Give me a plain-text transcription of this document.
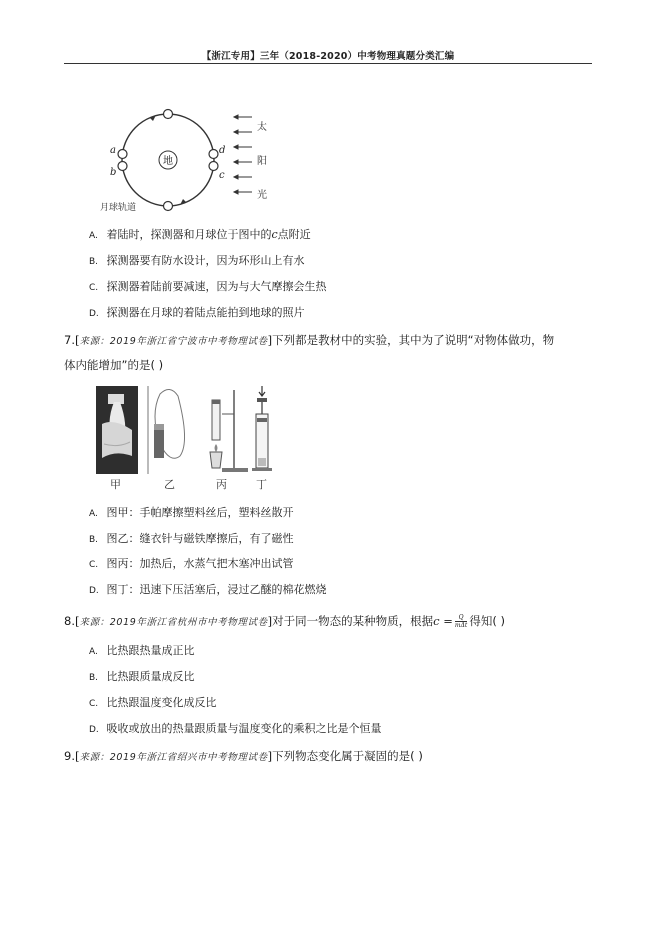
【浙江专用】三年（2018-2020）中考物理真题分类汇编
地
a
b
d
c
月球轨道
太
阳
光
A. 着陆时，探测器和月球位于图中的c点附近
B. 探测器要有防水设计，因为环形山上有水
C. 探测器着陆前要减速，因为与大气摩擦会生热
D. 探测器在月球的着陆点能拍到地球的照片
7.[来源：2019年浙江省宁波市中考物理试卷]下列都是教材中的实验，其中为了说明“对物体做功，物
体内能增加”的是( )
甲	乙	丙	丁
A. 图甲：手帕摩擦塑料丝后，塑料丝散开
B. 图乙：缝衣针与磁铁摩擦后，有了磁性
C. 图丙：加热后，水蒸气把木塞冲出试管
D. 图丁：迅速下压活塞后，浸过乙醚的棉花燃烧
8.[来源：2019年浙江省杭州市中考物理试卷]对于同一物态的某种物质，根据$c = \frac{Q}{\text{mΔt}}$ 得知( )
A. 比热跟热量成正比
B. 比热跟质量成反比
C. 比热跟温度变化成反比
D. 吸收或放出的热量跟质量与温度变化的乘积之比是个恒量
9.[来源：2019年浙江省绍兴市中考物理试卷]下列物态变化属于凝固的是( )
